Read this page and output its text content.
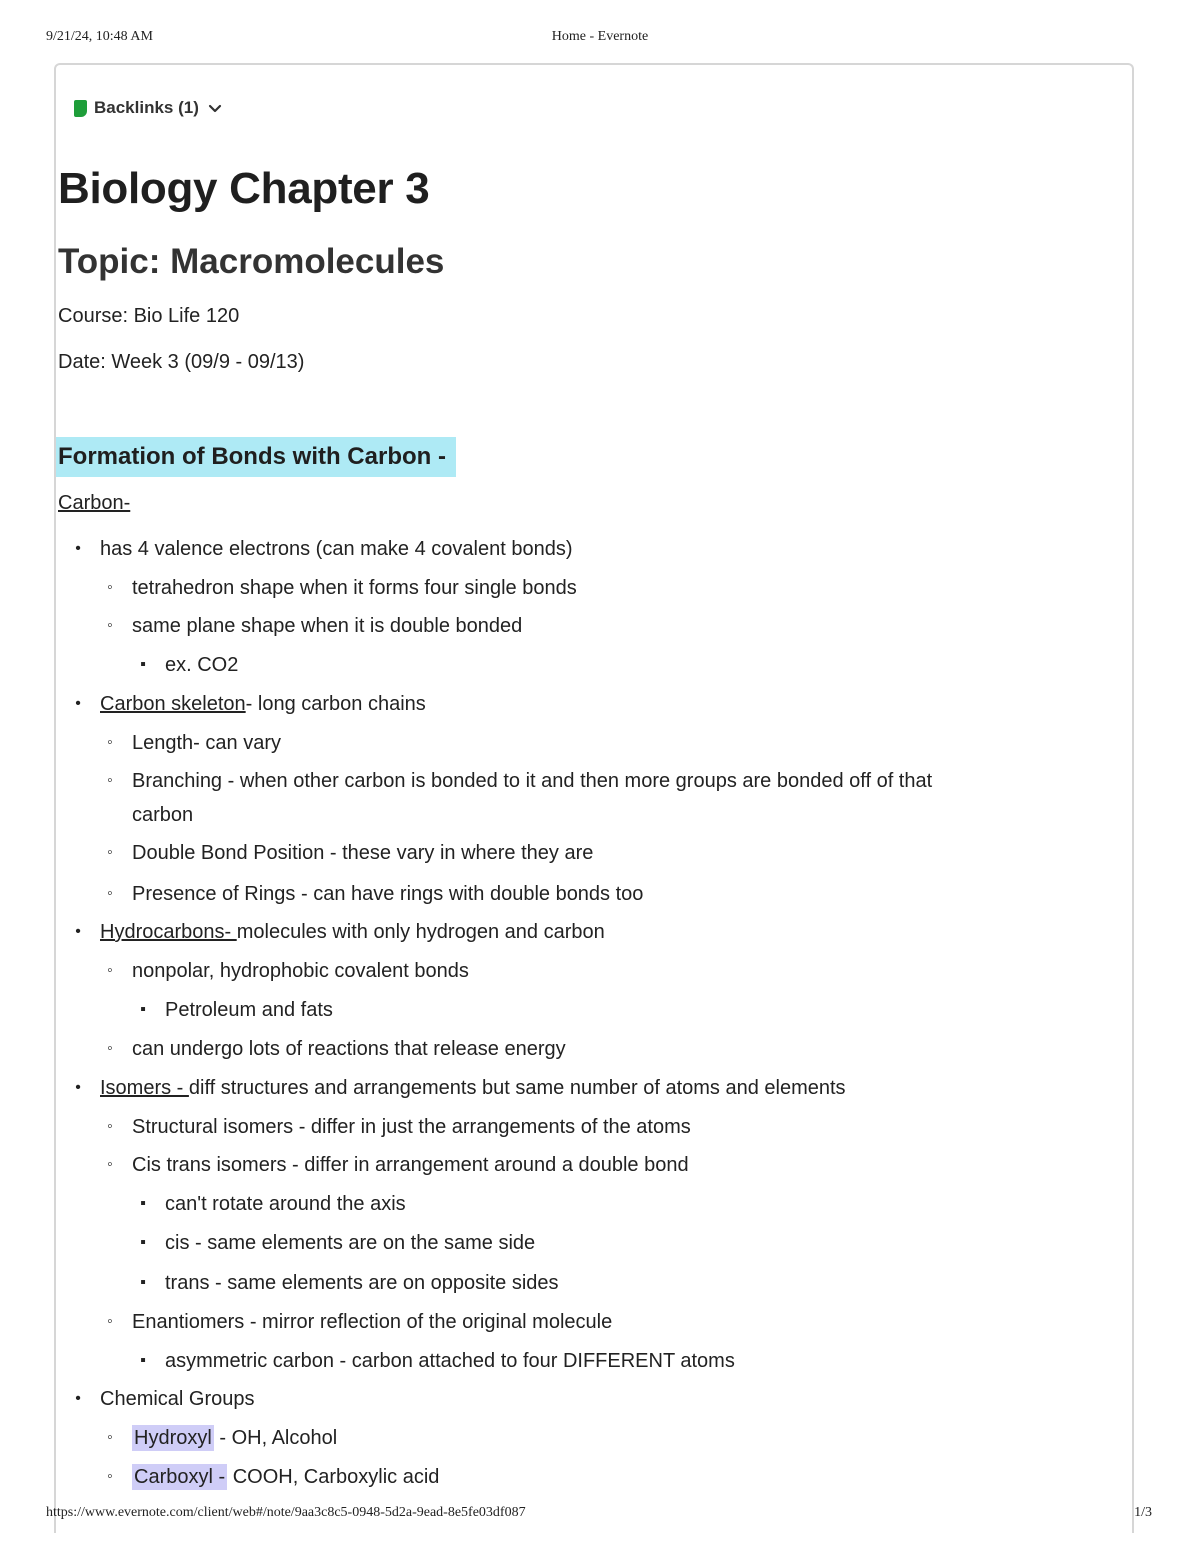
9/21/24, 10:48 AM	Home - Evernote
Backlinks (1)
Biology Chapter 3
Topic: Macromolecules
Course: Bio Life 120
Date: Week 3 (09/9 - 09/13)
Formation of Bonds with Carbon -
Carbon-
• has 4 valence electrons (can make 4 covalent bonds)
◦ tetrahedron shape when it forms four single bonds
◦ same plane shape when it is double bonded
▪ ex. CO2
• Carbon skeleton- long carbon chains
◦ Length- can vary
◦ Branching - when other carbon is bonded to it and then more groups are bonded off of that
carbon
◦ Double Bond Position - these vary in where they are
◦ Presence of Rings - can have rings with double bonds too
• Hydrocarbons- molecules with only hydrogen and carbon
◦ nonpolar, hydrophobic covalent bonds
▪ Petroleum and fats
◦ can undergo lots of reactions that release energy
• Isomers - diff structures and arrangements but same number of atoms and elements
◦ Structural isomers - differ in just the arrangements of the atoms
◦ Cis trans isomers - differ in arrangement around a double bond
▪ can't rotate around the axis
▪ cis - same elements are on the same side
▪ trans - same elements are on opposite sides
◦ Enantiomers - mirror reflection of the original molecule
▪ asymmetric carbon - carbon attached to four DIFFERENT atoms
• Chemical Groups
◦	Hydroxyl - OH, Alcohol
◦	Carboxyl - COOH, Carboxylic acid
https://www.evernote.com/client/web#/note/9aa3c8c5-0948-5d2a-9ead-8e5fe03df087	1/3
